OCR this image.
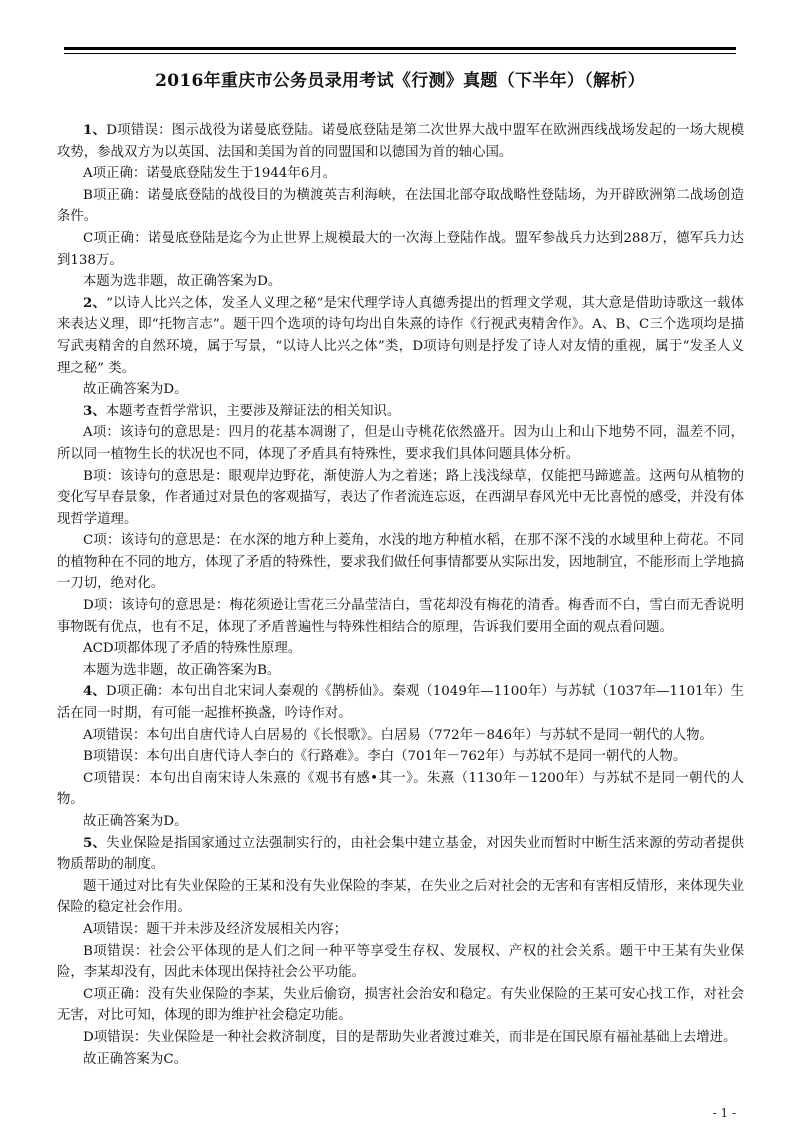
2016年重庆市公务员录用考试《行测》真题（下半年）（解析）

1、D项错误：图示战役为诺曼底登陆。诺曼底登陆是第二次世界大战中盟军在欧洲西线战场发起的一场大规模攻势，参战双方为以英国、法国和美国为首的同盟国和以德国为首的轴心国。

A项正确：诺曼底登陆发生于1944年6月。

B项正确：诺曼底登陆的战役目的为横渡英吉利海峡，在法国北部夺取战略性登陆场，为开辟欧洲第二战场创造条件。

C项正确：诺曼底登陆是迄今为止世界上规模最大的一次海上登陆作战。盟军参战兵力达到288万，德军兵力达到138万。

本题为选非题，故正确答案为D。

2、“以诗人比兴之体，发圣人义理之秘”是宋代理学诗人真德秀提出的哲理文学观，其大意是借助诗歌这一载体来表达义理，即“托物言志”。题干四个选项的诗句均出自朱熹的诗作《行视武夷精舍作》。A、B、C三个选项均是描写武夷精舍的自然环境，属于写景，“以诗人比兴之体”类，D项诗句则是抒发了诗人对友情的重视，属于“发圣人义理之秘” 类。

故正确答案为D。

3、本题考查哲学常识，主要涉及辩证法的相关知识。

A项：该诗句的意思是：四月的花基本凋谢了，但是山寺桃花依然盛开。因为山上和山下地势不同，温差不同，所以同一植物生长的状况也不同，体现了矛盾具有特殊性，要求我们具体问题具体分析。

B项：该诗句的意思是：眼观岸边野花，渐使游人为之着迷；路上浅浅绿草，仅能把马蹄遮盖。这两句从植物的变化写早春景象，作者通过对景色的客观描写，表达了作者流连忘返，在西湖早春风光中无比喜悦的感受，并没有体现哲学道理。

C项：该诗句的意思是：在水深的地方种上菱角，水浅的地方种植水稻，在那不深不浅的水域里种上荷花。不同的植物种在不同的地方，体现了矛盾的特殊性，要求我们做任何事情都要从实际出发，因地制宜，不能形而上学地搞一刀切，绝对化。

D项：该诗句的意思是：梅花须逊让雪花三分晶莹洁白，雪花却没有梅花的清香。梅香而不白，雪白而无香说明事物既有优点，也有不足，体现了矛盾普遍性与特殊性相结合的原理，告诉我们要用全面的观点看问题。

ACD项都体现了矛盾的特殊性原理。

本题为选非题，故正确答案为B。

4、D项正确：本句出自北宋词人秦观的《鹊桥仙》。秦观（1049年—1100年）与苏轼（1037年—1101年）生活在同一时期，有可能一起推杯换盏，吟诗作对。

A项错误：本句出自唐代诗人白居易的《长恨歌》。白居易（772年－846年）与苏轼不是同一朝代的人物。

B项错误：本句出自唐代诗人李白的《行路难》。李白（701年－762年）与苏轼不是同一朝代的人物。

C项错误：本句出自南宋诗人朱熹的《观书有感•其一》。朱熹（1130年－1200年）与苏轼不是同一朝代的人物。

故正确答案为D。

5、失业保险是指国家通过立法强制实行的，由社会集中建立基金，对因失业而暂时中断生活来源的劳动者提供物质帮助的制度。

题干通过对比有失业保险的王某和没有失业保险的李某，在失业之后对社会的无害和有害相反情形，来体现失业保险的稳定社会作用。

A项错误：题干并未涉及经济发展相关内容；

B项错误：社会公平体现的是人们之间一种平等享受生存权、发展权、产权的社会关系。题干中王某有失业保险，李某却没有，因此未体现出保持社会公平功能。

C项正确：没有失业保险的李某，失业后偷窃，损害社会治安和稳定。有失业保险的王某可安心找工作，对社会无害，对比可知，体现的即为维护社会稳定功能。

D项错误：失业保险是一种社会救济制度，目的是帮助失业者渡过难关，而非是在国民原有福祉基础上去增进。

故正确答案为C。

- 1 -
